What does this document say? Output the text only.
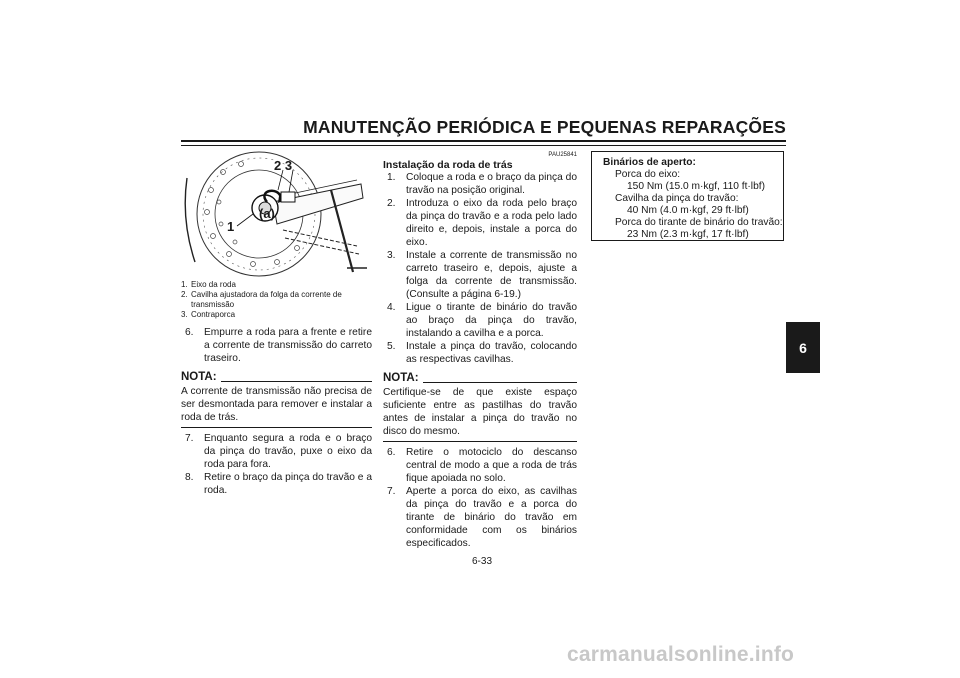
MANUTENÇÃO PERIÓDICA E PEQUENAS REPARAÇÕES
6
2 3
(a)
1
1. Eixo da roda
2. Cavilha ajustadora da folga da corrente de transmissão
3. Contraporca
6.	Empurre a roda para a frente e retire a corrente de transmissão do carreto traseiro.
NOTA:
A corrente de transmissão não precisa de ser desmontada para remover e instalar a roda de trás.
7.	Enquanto segura a roda e o braço da pinça do travão, puxe o eixo da roda para fora.
8.	Retire o braço da pinça do travão e a roda.
PAU25841
Instalação da roda de trás
1.	Coloque a roda e o braço da pinça do travão na posição original.
2.	Introduza o eixo da roda pelo braço da pinça do travão e a roda pelo lado direito e, depois, instale a porca do eixo.
3.	Instale a corrente de transmissão no carreto traseiro e, depois, ajuste a folga da corrente de transmissão. (Consulte a página 6-19.)
4.	Ligue o tirante de binário do travão ao braço da pinça do travão, instalando a cavilha e a porca.
5.	Instale a pinça do travão, colocando as respectivas cavilhas.
NOTA:
Certifique-se de que existe espaço suficiente entre as pastilhas do travão antes de instalar a pinça do travão no disco do mesmo.
6.	Retire o motociclo do descanso central de modo a que a roda de trás fique apoiada no solo.
7.	Aperte a porca do eixo, as cavilhas da pinça do travão e a porca do tirante de binário do travão em conformidade com os binários especificados.
Binários de aperto:
Porca do eixo:
150 Nm (15.0 m·kgf, 110 ft·lbf)
Cavilha da pinça do travão:
40 Nm (4.0 m·kgf, 29 ft·lbf)
Porca do tirante de binário do travão:
23 Nm (2.3 m·kgf, 17 ft·lbf)
6-33
carmanualsonline.info
